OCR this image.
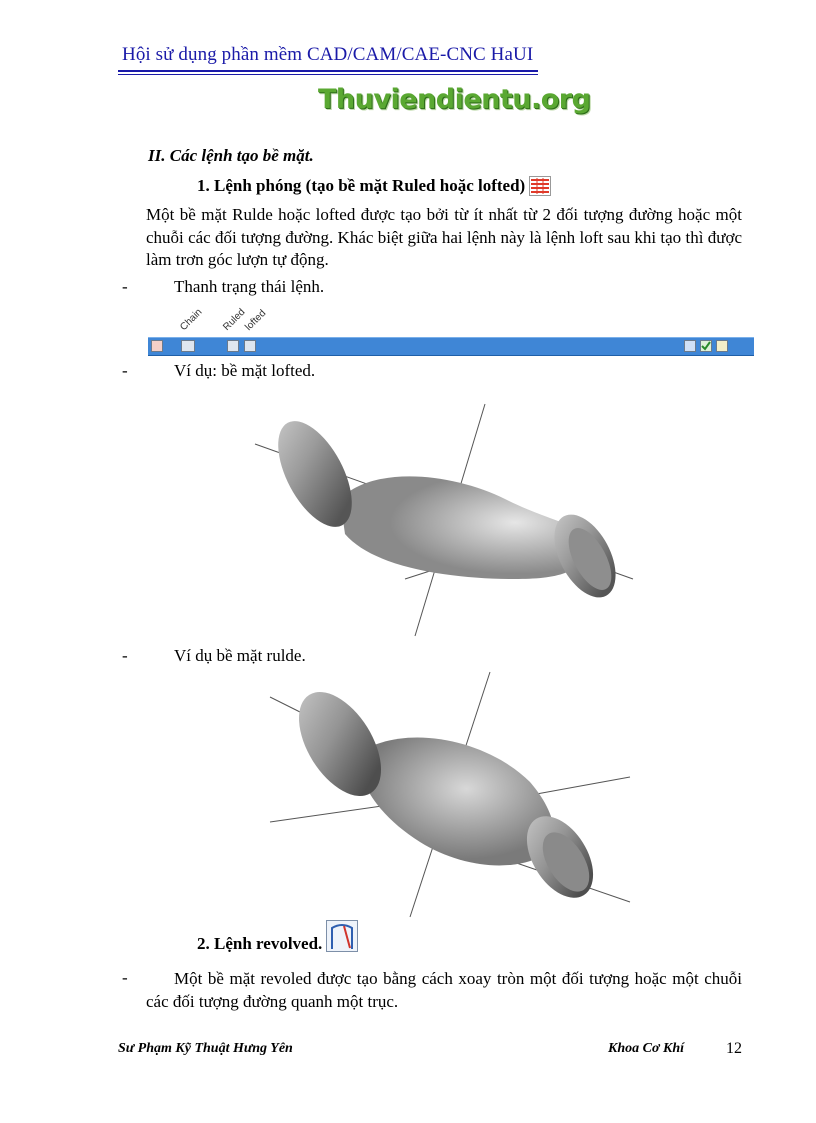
Hội sử dụng phần mềm CAD/CAM/CAE-CNC HaUI
Thuviendientu.org
II. Các lệnh tạo bề mặt.
1. Lệnh phóng (tạo bề mặt Ruled hoặc lofted)
Một bề mặt Rulde hoặc lofted được tạo bởi từ ít nhất từ 2 đối tượng đường hoặc một chuỗi các đối tượng đường. Khác biệt giữa hai lệnh này là lệnh loft sau khi tạo thì được làm trơn góc lượn tự động.
-	Thanh trạng thái lệnh.
Chain Ruled
lofted
-	Ví dụ: bề mặt lofted.
-	Ví dụ bề mặt rulde.
2. Lệnh revolved.
-	Một bề mặt revoled được tạo bằng cách xoay tròn một đối tượng hoặc một chuỗi các đối tượng đường quanh một trục.
Sư Phạm Kỹ Thuật Hưng Yên	Khoa Cơ Khí	12
